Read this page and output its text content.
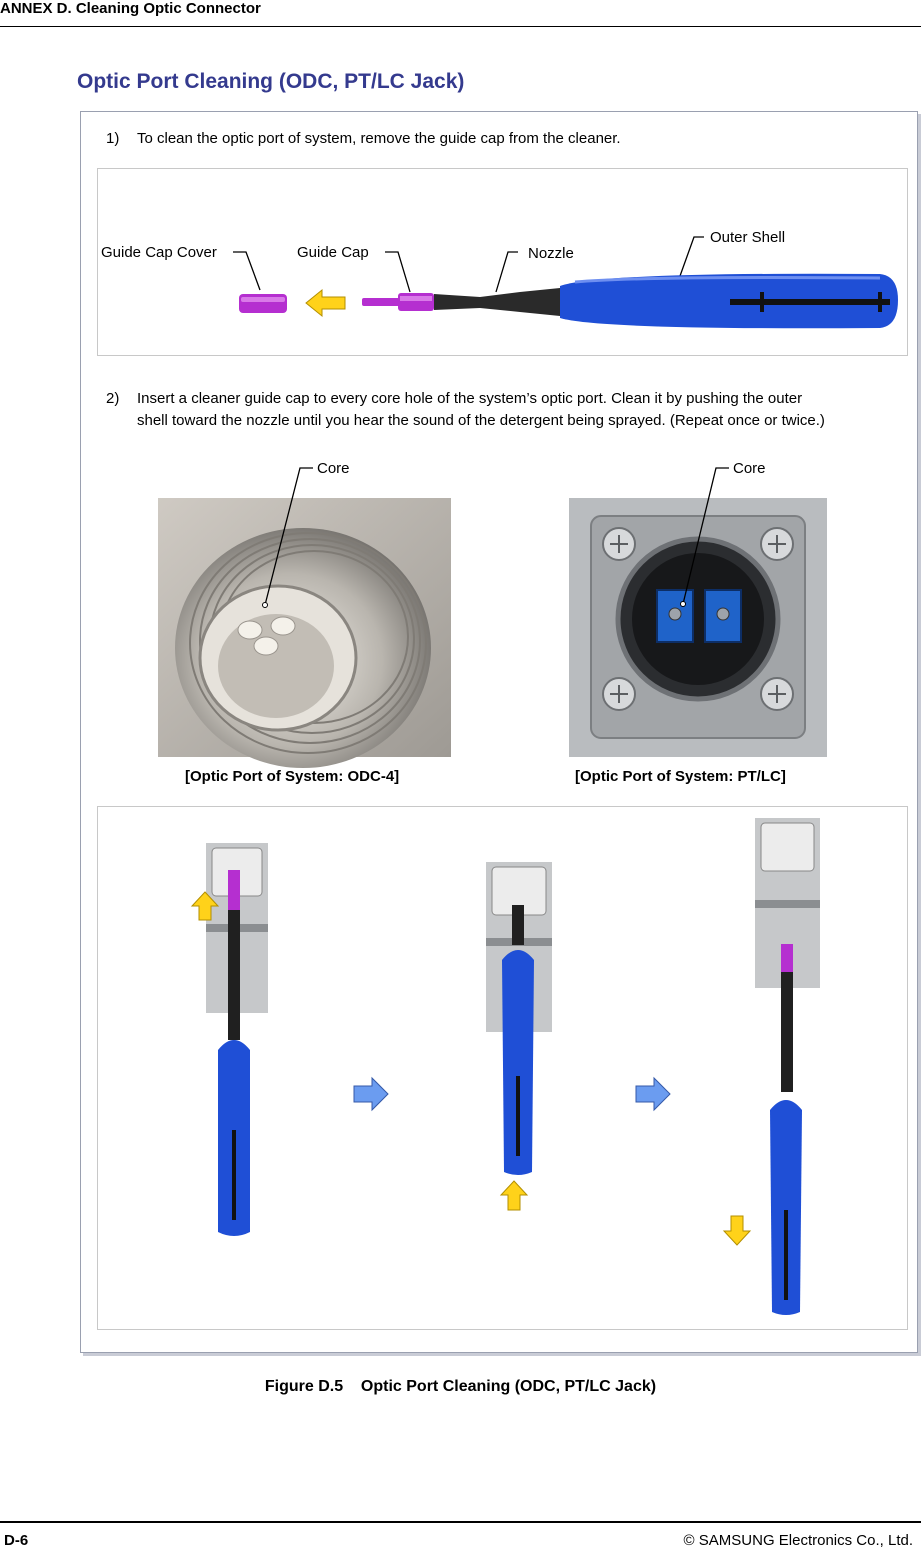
ANNEX D. Cleaning Optic Connector
Optic Port Cleaning (ODC, PT/LC Jack)
1) To clean the optic port of system, remove the guide cap from the cleaner.
Guide Cap Cover	Guide Cap	Nozzle
Outer Shell
2) Insert a cleaner guide cap to every core hole of the system’s optic port. Clean it by pushing the outer
shell toward the nozzle until you hear the sound of the detergent being sprayed. (Repeat once or twice.)
Core	Core
[Optic Port of System: ODC-4]	[Optic Port of System: PT/LC]
Figure D.5    Optic Port Cleaning (ODC, PT/LC Jack)
D-6	© SAMSUNG Electronics Co., Ltd.
